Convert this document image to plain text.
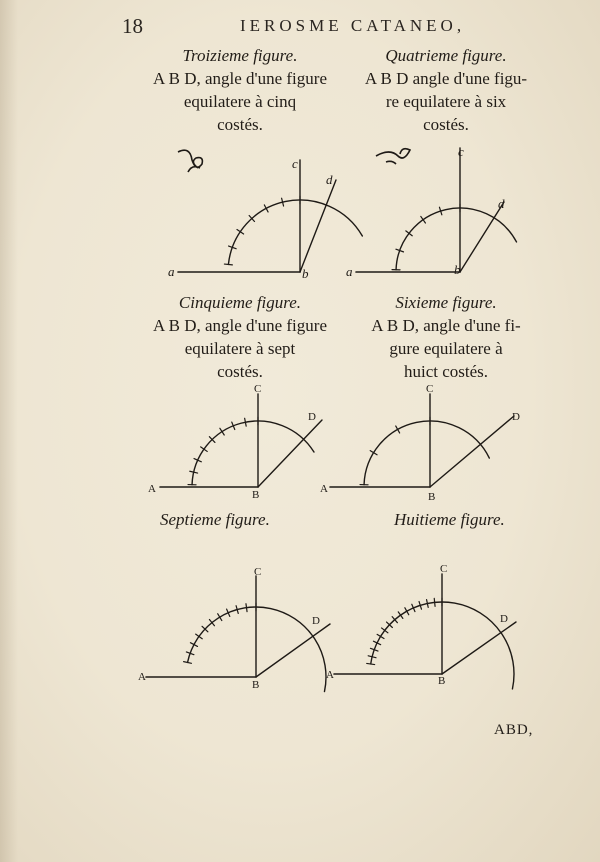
18	IEROSME CATANEO,
Troizieme figure.
A B D, angle d'une figure
equilatere à cinq
costés.
Quatrieme figure.
A B D angle d'une figu-
re equilatere à six
costés.
Cinquieme figure.
A B D, angle d'une figure
equilatere à sept
costés.
Sixieme figure.
A B D, angle d'une fi-
gure equilatere à
huict costés.
Septieme figure.	Huitieme figure.
a	b
c
d
a	b
c
d
A	B
C
D
A
B
C
D
A
B
C
D
A	B
C
D
ABD,
